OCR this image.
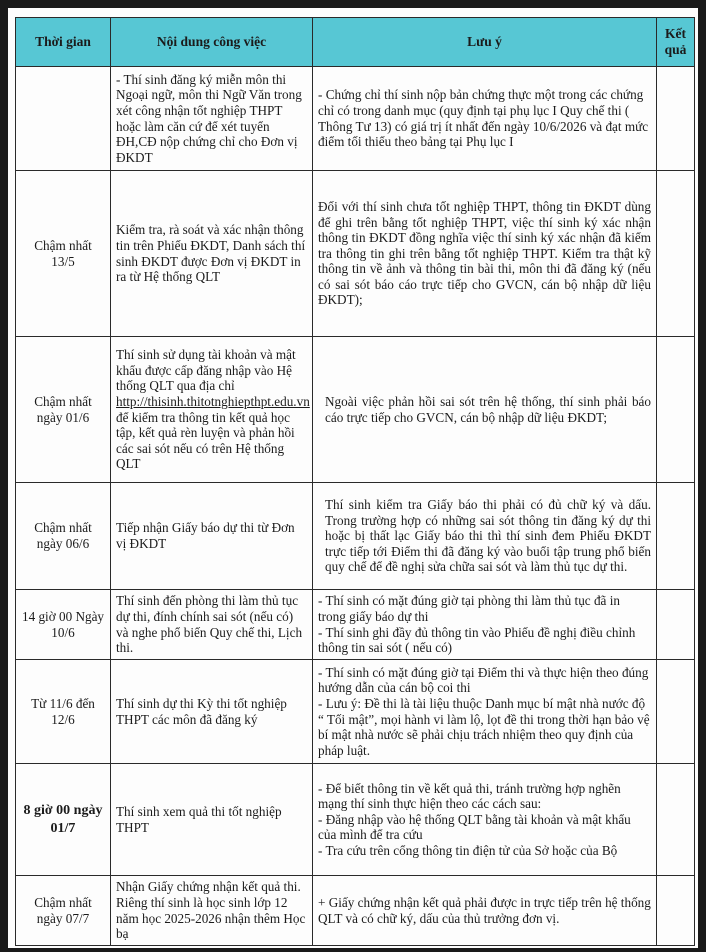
Thời gian	Nội dung công việc	Lưu ý	Kết quả
	- Thí sinh đăng ký miễn môn thi Ngoại ngữ, môn thi Ngữ Văn trong xét công nhận tốt nghiệp THPT hoặc làm căn cứ để xét tuyển ĐH,CĐ nộp chứng chỉ cho Đơn vị ĐKDT	- Chứng chỉ thí sinh nộp bản chứng thực một trong các chứng chỉ có trong danh mục (quy định tại phụ lục I Quy chế thi ( Thông Tư 13) có giá trị ít nhất đến ngày 10/6/2026 và đạt mức điểm tối thiểu theo bảng tại Phụ lục I	
Chậm nhất 13/5	Kiểm tra, rà soát và xác nhận thông tin trên Phiếu ĐKDT, Danh sách thí sinh ĐKDT được Đơn vị ĐKDT in ra từ Hệ thống QLT	Đối với thí sinh chưa tốt nghiệp THPT, thông tin ĐKDT dùng để ghi trên bằng tốt nghiệp THPT, việc thí sinh ký xác nhận thông tin ĐKDT đồng nghĩa việc thí sinh ký xác nhận đã kiểm tra thông tin ghi trên bằng tốt nghiệp THPT. Kiểm tra thật kỹ thông tin về ảnh và thông tin bài thi, môn thi đã đăng ký (nếu có sai sót báo cáo trực tiếp cho GVCN, cán bộ nhập dữ liệu ĐKDT);	
Chậm nhất ngày 01/6	Thí sinh sử dụng tài khoản và mật khẩu được cấp đăng nhập vào Hệ thống QLT qua địa chỉ http://thisinh.thitotnghiepthpt.edu.vn để kiểm tra thông tin kết quả học tập, kết quả rèn luyện và phản hồi các sai sót nếu có trên Hệ thống QLT	Ngoài việc phản hồi sai sót trên hệ thống, thí sinh phải báo cáo trực tiếp cho GVCN, cán bộ nhập dữ liệu ĐKDT;	
Chậm nhất ngày 06/6	Tiếp nhận Giấy báo dự thi từ Đơn vị ĐKDT	Thí sinh kiểm tra Giấy báo thi phải có đủ chữ ký và dấu. Trong trường hợp có những sai sót thông tin đăng ký dự thi hoặc bị thất lạc Giấy báo thi thì thí sinh đem Phiếu ĐKDT trực tiếp tới Điểm thi đã đăng ký vào buổi tập trung phổ biến quy chế để đề nghị sửa chữa sai sót và làm thủ tục dự thi.	
14 giờ 00 Ngày 10/6	Thí sinh đến phòng thi làm thủ tục dự thi, đính chính sai sót (nếu có) và nghe phổ biến Quy chế thi, Lịch thi.	- Thí sinh có mặt đúng giờ tại phòng thi làm thủ tục đã in trong giấy báo dự thi
- Thí sinh ghi đầy đủ thông tin vào Phiếu đề nghị điều chỉnh thông tin sai sót ( nếu có)	

Từ 11/6 đến 12/6	Thí sinh dự thi Kỳ thi tốt nghiệp THPT các môn đã đăng ký	- Thí sinh có mặt đúng giờ tại Điểm thi và thực hiện theo đúng hướng dẫn của cán bộ coi thi
- Lưu ý: Đề thi là tài liệu thuộc Danh mục bí mật nhà nước độ “ Tối mật”, mọi hành vi làm lộ, lọt đề thi trong thời hạn bảo vệ bí mật nhà nước sẽ phải chịu trách nhiệm theo quy định của pháp luật.	

8 giờ 00 ngày 01/7	Thí sinh xem quả thi tốt nghiệp THPT	- Để biết thông tin về kết quả thi, tránh trường hợp nghẽn mạng thí sinh thực hiện theo các cách sau:
- Đăng nhập vào hệ thống QLT bằng tài khoản và mật khẩu của mình để tra cứu
- Tra cứu trên cổng thông tin điện tử của Sở hoặc của Bộ	

Chậm nhất ngày 07/7	Nhận Giấy chứng nhận kết quả thi. Riêng thí sinh là học sinh lớp 12 năm học 2025-2026 nhận thêm Học bạ	+ Giấy chứng nhận kết quả phải được in trực tiếp trên hệ thống QLT và có chữ ký, dấu của thủ trưởng đơn vị.	
